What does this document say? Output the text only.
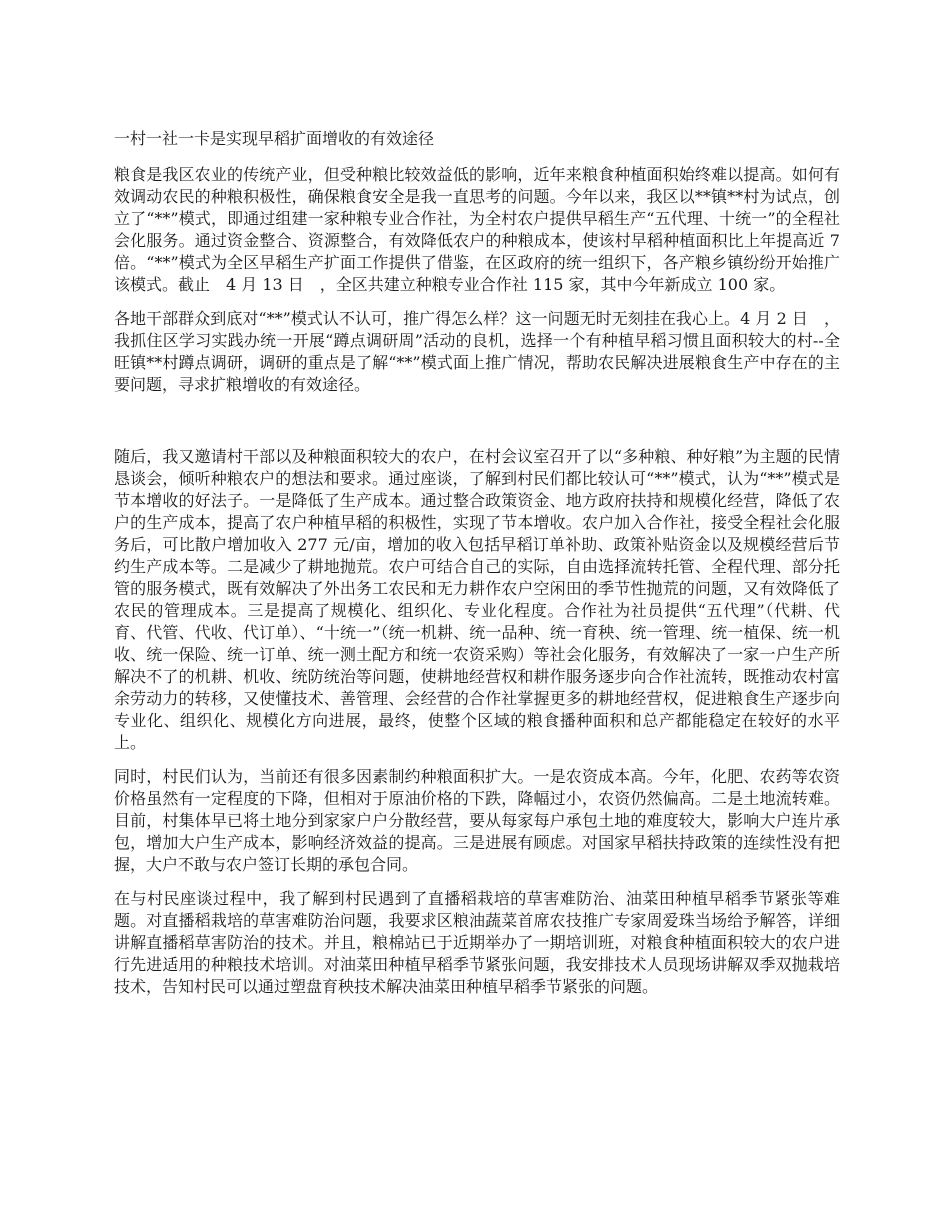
一村一社一卡是实现早稻扩面增收的有效途径

粮食是我区农业的传统产业，但受种粮比较效益低的影响，近年来粮食种植面积始终难以提高。如何有效调动农民的种粮积极性，确保粮食安全是我一直思考的问题。今年以来，我区以**镇**村为试点，创立了“**”模式，即通过组建一家种粮专业合作社，为全村农户提供早稻生产“五代理、十统一”的全程社会化服务。通过资金整合、资源整合，有效降低农户的种粮成本，使该村早稻种植面积比上年提高近 7 倍。“**”模式为全区早稻生产扩面工作提供了借鉴，在区政府的统一组织下，各产粮乡镇纷纷开始推广该模式。截止　4 月 13 日　，全区共建立种粮专业合作社 115 家，其中今年新成立 100 家。

各地干部群众到底对“**”模式认不认可，推广得怎么样？这一问题无时无刻挂在我心上。4 月 2 日　，我抓住区学习实践办统一开展“蹲点调研周”活动的良机，选择一个有种植早稻习惯且面积较大的村--全旺镇**村蹲点调研，调研的重点是了解“**”模式面上推广情况，帮助农民解决进展粮食生产中存在的主要问题，寻求扩粮增收的有效途径。

随后，我又邀请村干部以及种粮面积较大的农户，在村会议室召开了以“多种粮、种好粮”为主题的民情恳谈会，倾听种粮农户的想法和要求。通过座谈，了解到村民们都比较认可“**”模式，认为“**”模式是节本增收的好法子。一是降低了生产成本。通过整合政策资金、地方政府扶持和规模化经营，降低了农户的生产成本，提高了农户种植早稻的积极性，实现了节本增收。农户加入合作社，接受全程社会化服务后，可比散户增加收入 277 元/亩，增加的收入包括早稻订单补助、政策补贴资金以及规模经营后节约生产成本等。二是减少了耕地抛荒。农户可结合自己的实际，自由选择流转托管、全程代理、部分托管的服务模式，既有效解决了外出务工农民和无力耕作农户空闲田的季节性抛荒的问题，又有效降低了农民的管理成本。三是提高了规模化、组织化、专业化程度。合作社为社员提供“五代理”（代耕、代育、代管、代收、代订单）、“十统一”（统一机耕、统一品种、统一育秧、统一管理、统一植保、统一机收、统一保险、统一订单、统一测土配方和统一农资采购）等社会化服务，有效解决了一家一户生产所解决不了的机耕、机收、统防统治等问题，使耕地经营权和耕作服务逐步向合作社流转，既推动农村富余劳动力的转移，又使懂技术、善管理、会经营的合作社掌握更多的耕地经营权，促进粮食生产逐步向专业化、组织化、规模化方向进展，最终，使整个区域的粮食播种面积和总产都能稳定在较好的水平上。

同时，村民们认为，当前还有很多因素制约种粮面积扩大。一是农资成本高。今年，化肥、农药等农资价格虽然有一定程度的下降，但相对于原油价格的下跌，降幅过小，农资仍然偏高。二是土地流转难。目前，村集体早已将土地分到家家户户分散经营，要从每家每户承包土地的难度较大，影响大户连片承包，增加大户生产成本，影响经济效益的提高。三是进展有顾虑。对国家早稻扶持政策的连续性没有把握，大户不敢与农户签订长期的承包合同。

在与村民座谈过程中，我了解到村民遇到了直播稻栽培的草害难防治、油菜田种植早稻季节紧张等难题。对直播稻栽培的草害难防治问题，我要求区粮油蔬菜首席农技推广专家周爱珠当场给予解答，详细讲解直播稻草害防治的技术。并且，粮棉站已于近期举办了一期培训班，对粮食种植面积较大的农户进行先进适用的种粮技术培训。对油菜田种植早稻季节紧张问题，我安排技术人员现场讲解双季双抛栽培技术，告知村民可以通过塑盘育秧技术解决油菜田种植早稻季节紧张的问题。
